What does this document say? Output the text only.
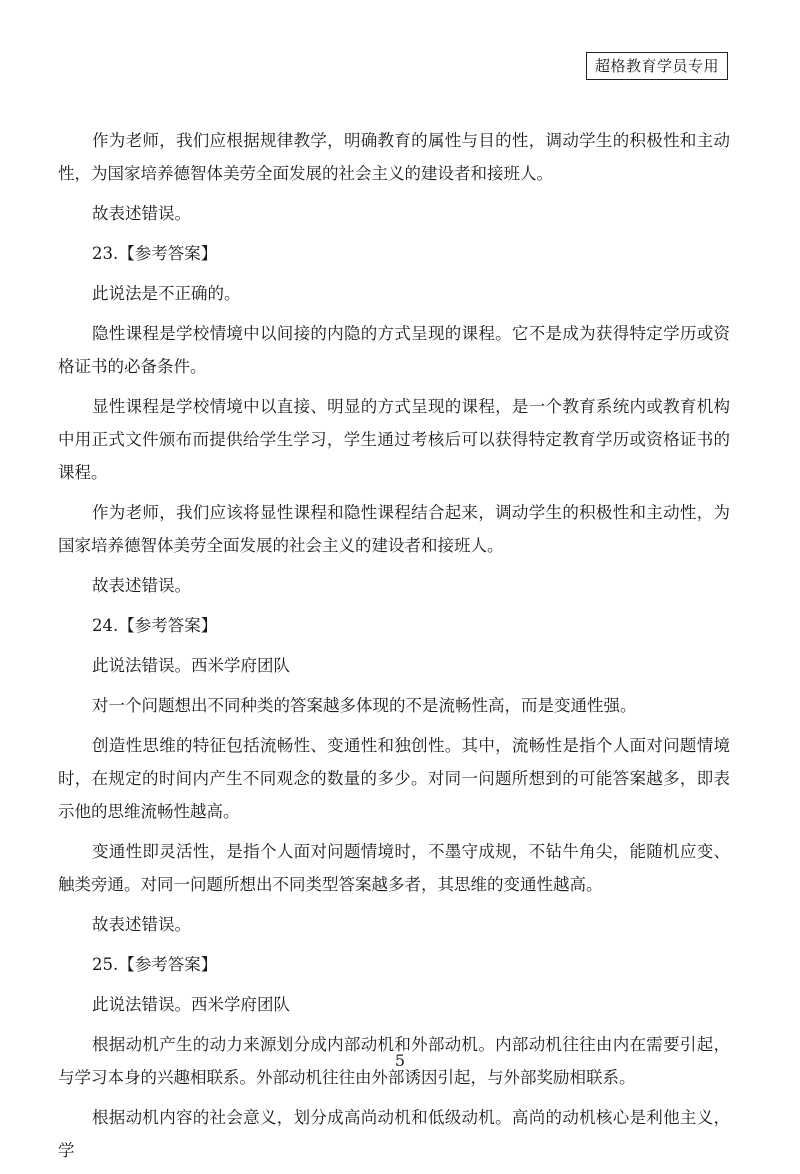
超格教育学员专用

作为老师，我们应根据规律教学，明确教育的属性与目的性，调动学生的积极性和主动性，为国家培养德智体美劳全面发展的社会主义的建设者和接班人。

故表述错误。

23.【参考答案】

此说法是不正确的。

隐性课程是学校情境中以间接的内隐的方式呈现的课程。它不是成为获得特定学历或资格证书的必备条件。

显性课程是学校情境中以直接、明显的方式呈现的课程，是一个教育系统内或教育机构中用正式文件颁布而提供给学生学习，学生通过考核后可以获得特定教育学历或资格证书的课程。

作为老师，我们应该将显性课程和隐性课程结合起来，调动学生的积极性和主动性，为国家培养德智体美劳全面发展的社会主义的建设者和接班人。

故表述错误。

24.【参考答案】

此说法错误。西米学府团队

对一个问题想出不同种类的答案越多体现的不是流畅性高，而是变通性强。

创造性思维的特征包括流畅性、变通性和独创性。其中，流畅性是指个人面对问题情境时，在规定的时间内产生不同观念的数量的多少。对同一问题所想到的可能答案越多，即表示他的思维流畅性越高。

变通性即灵活性，是指个人面对问题情境时，不墨守成规，不钻牛角尖，能随机应变、触类旁通。对同一问题所想出不同类型答案越多者，其思维的变通性越高。

故表述错误。

25.【参考答案】

此说法错误。西米学府团队

根据动机产生的动力来源划分成内部动机和外部动机。内部动机往往由内在需要引起，与学习本身的兴趣相联系。外部动机往往由外部诱因引起，与外部奖励相联系。

根据动机内容的社会意义，划分成高尚动机和低级动机。高尚的动机核心是利他主义，学

5
